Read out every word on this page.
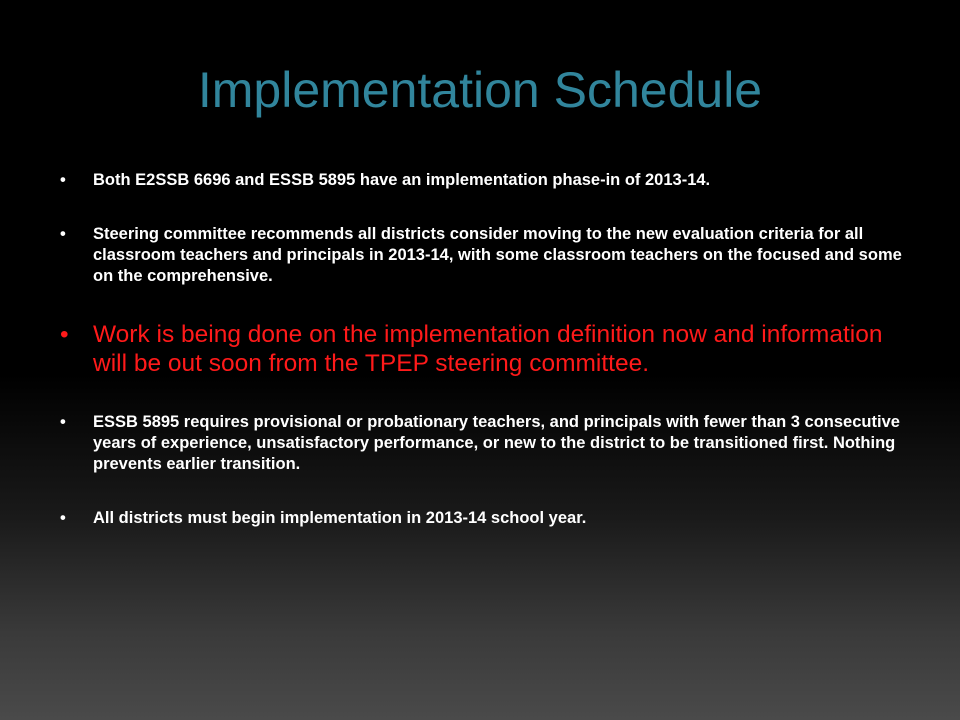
Implementation Schedule
• Both E2SSB 6696 and ESSB 5895 have an implementation phase-in of 2013-14.
• Steering committee recommends all districts consider moving to the new evaluation criteria for all classroom teachers and principals in 2013-14, with some classroom teachers on the focused and some on the comprehensive.
• Work is being done on the implementation definition now and information will be out soon from the TPEP steering committee.
• ESSB 5895 requires provisional or probationary teachers, and principals with fewer than 3 consecutive years of experience, unsatisfactory performance, or new to the district to be transitioned first. Nothing prevents earlier transition.
• All districts must begin implementation in 2013-14 school year.
